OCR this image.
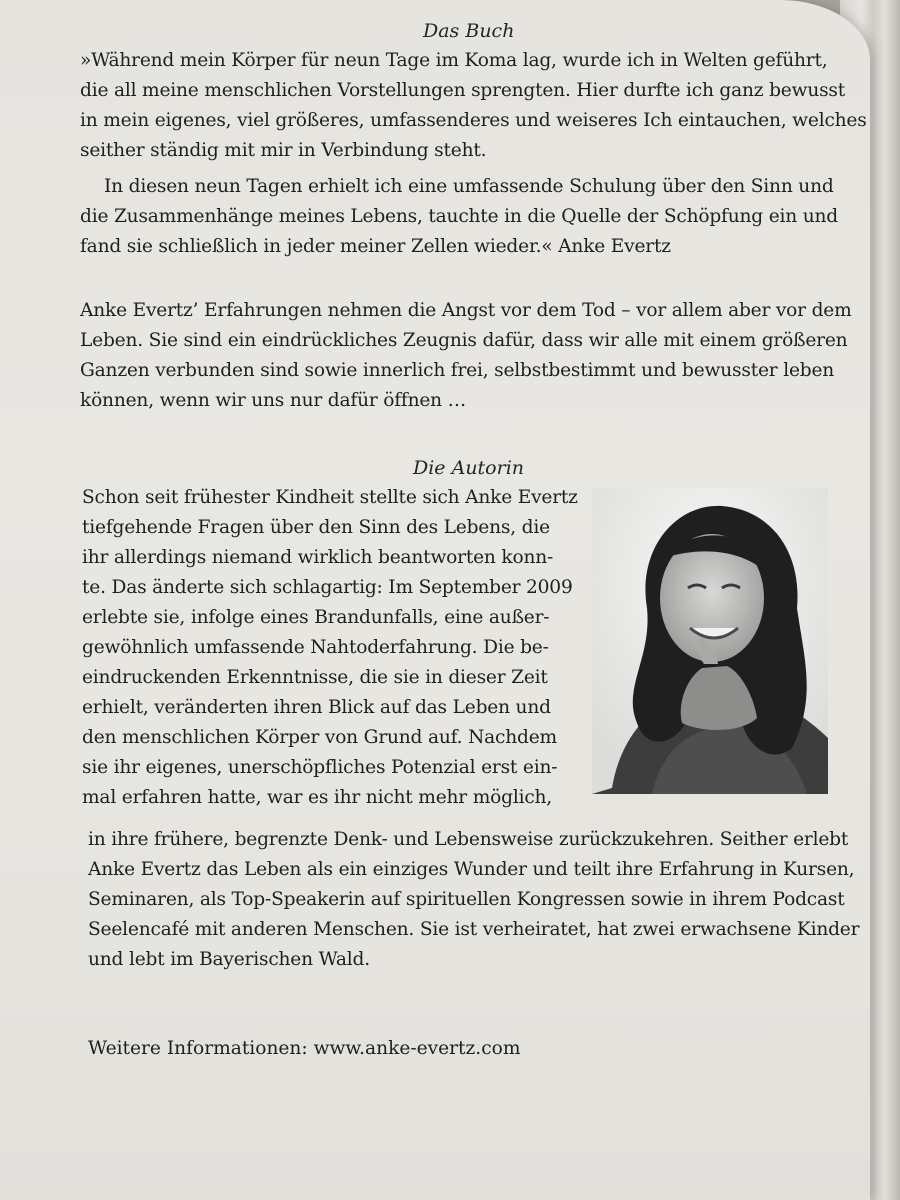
Das Buch
»Während mein Körper für neun Tage im Koma lag, wurde ich in Welten geführt,
die all meine menschlichen Vorstellungen sprengten. Hier durfte ich ganz bewusst
in mein eigenes, viel größeres, umfassenderes und weiseres Ich eintauchen, welches
seither ständig mit mir in Verbindung steht.
In diesen neun Tagen erhielt ich eine umfassende Schulung über den Sinn und
die Zusammenhänge meines Lebens, tauchte in die Quelle der Schöpfung ein und
fand sie schließlich in jeder meiner Zellen wieder.« Anke Evertz
Anke Evertz’ Erfahrungen nehmen die Angst vor dem Tod – vor allem aber vor dem
Leben. Sie sind ein eindrückliches Zeugnis dafür, dass wir alle mit einem größeren
Ganzen verbunden sind sowie innerlich frei, selbstbestimmt und bewusster leben
können, wenn wir uns nur dafür öffnen …
Die Autorin
Schon seit frühester Kindheit stellte sich Anke Evertz
tiefgehende Fragen über den Sinn des Lebens, die
ihr allerdings niemand wirklich beantworten konn-
te. Das änderte sich schlagartig: Im September 2009
erlebte sie, infolge eines Brandunfalls, eine außer-
gewöhnlich umfassende Nahtoderfahrung. Die be-
eindruckenden Erkenntnisse, die sie in dieser Zeit
erhielt, veränderten ihren Blick auf das Leben und
den menschlichen Körper von Grund auf. Nachdem
sie ihr eigenes, unerschöpfliches Potenzial erst ein-
mal erfahren hatte, war es ihr nicht mehr möglich,
in ihre frühere, begrenzte Denk- und Lebensweise zurückzukehren. Seither erlebt
Anke Evertz das Leben als ein einziges Wunder und teilt ihre Erfahrung in Kursen,
Seminaren, als Top-Speakerin auf spirituellen Kongressen sowie in ihrem Podcast
Seelencafé mit anderen Menschen. Sie ist verheiratet, hat zwei erwachsene Kinder
und lebt im Bayerischen Wald.
Weitere Informationen: www.anke-evertz.com
